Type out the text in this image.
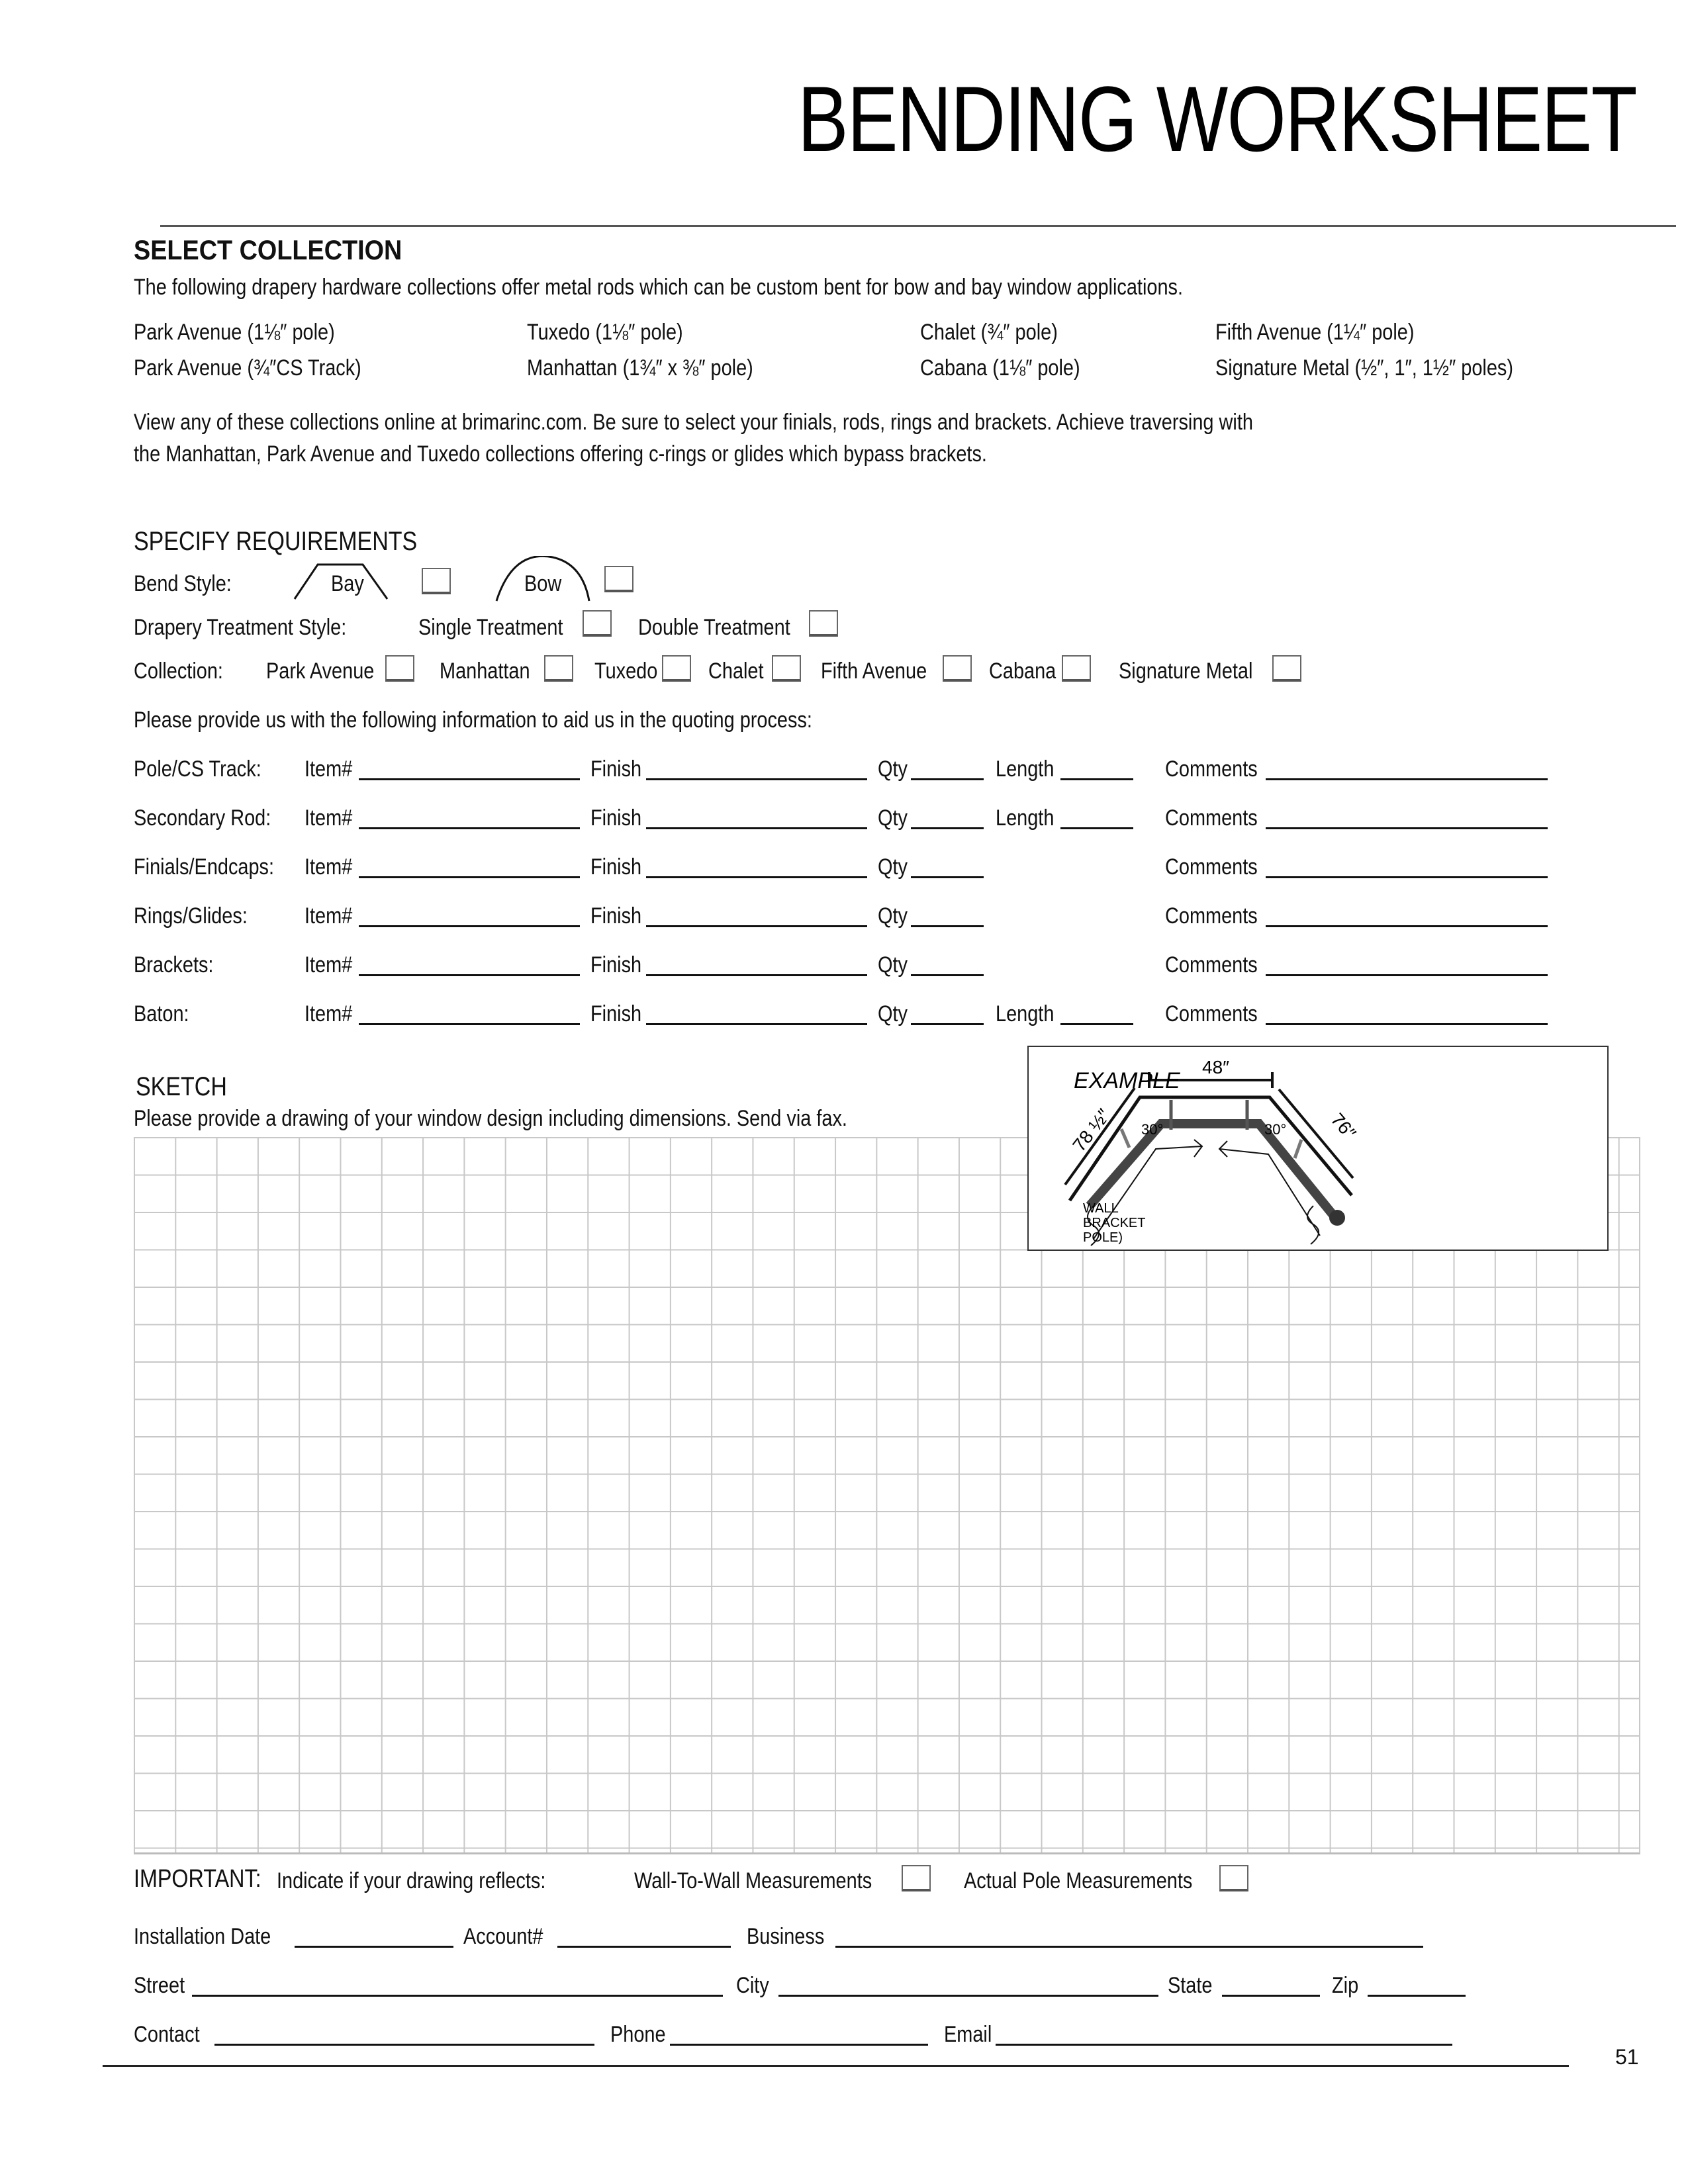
BENDING WORKSHEET
SELECT COLLECTION
The following drapery hardware collections offer metal rods which can be custom bent for bow and bay window applications.
Park Avenue (1⅛″ pole)	Tuxedo (1⅛″ pole)	Chalet (¾″ pole)	Fifth Avenue (1¼″ pole)
Park Avenue (¾″CS Track)	Manhattan (1¾″ x ⅜″ pole)	Cabana (1⅛″ pole)	Signature Metal (½″, 1″, 1½″ poles)
View any of these collections online at brimarinc.com. Be sure to select your finials, rods, rings and brackets. Achieve traversing with
the Manhattan, Park Avenue and Tuxedo collections offering c-rings or glides which bypass brackets.
SPECIFY REQUIREMENTS
Bend Style:	Bay	Bow
Drapery Treatment Style:	Single Treatment	Double Treatment
Collection: Park Avenue	Manhattan	Tuxedo Chalet	Fifth Avenue	Cabana	Signature Metal
Please provide us with the following information to aid us in the quoting process:
Pole/CS Track: Item#	Finish	Qty	Length	Comments
Secondary Rod: Item#	Finish	Qty	Length	Comments
Finials/Endcaps: Item#	Finish	Qty	Comments
Rings/Glides:	Item#	Finish	Qty	Comments
Brackets:	Item#	Finish	Qty	Comments
Baton:	Item#	Finish	Qty	Length	Comments
SKETCH
Please provide a drawing of your window design including dimensions. Send via fax.
EXAMPLE
48″
78 ½″	76″
30°	30°
WALL
BRACKET
POLE)
IMPORTANT: Indicate if your drawing reflects:	Wall-To-Wall Measurements	Actual Pole Measurements
Installation Date	Account#	Business
Street	City	State	Zip
Contact	Phone	Email
51
